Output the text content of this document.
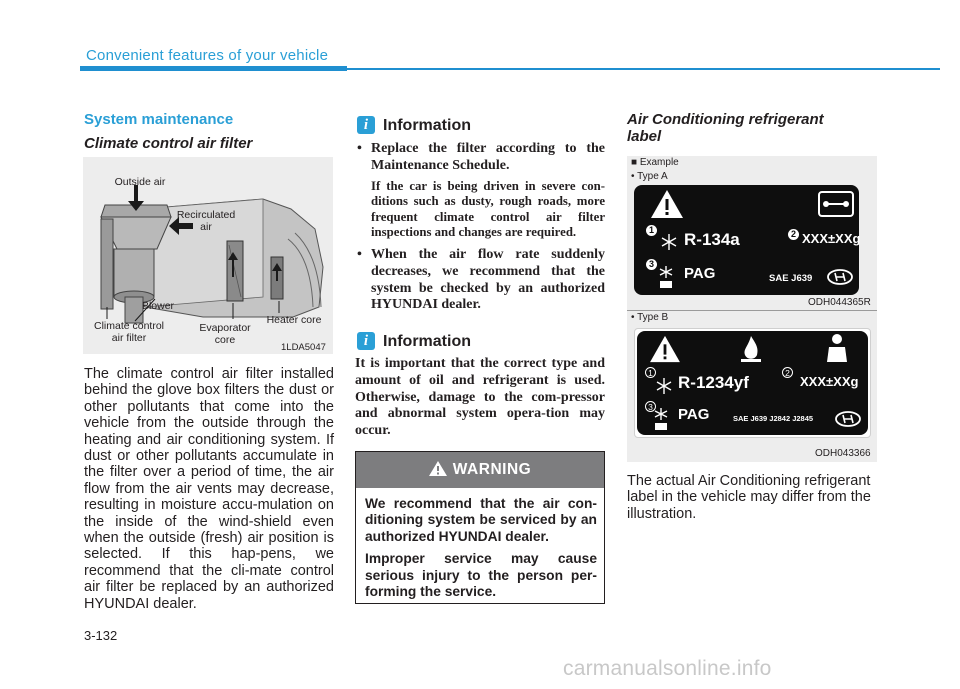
Convenient features of your vehicle
System maintenance
Climate control air filter
Outside air
Recirculated
air
Blower
Climate control
air filter
Evaporator
core
Heater core
1LDA5047
The climate control air filter installed behind the glove box filters the dust or other pollutants that come into the vehicle from the outside through the heating and air conditioning system. If dust or other pollutants accumulate in the filter over a period of time, the air flow from the air vents may decrease, resulting in moisture accu-mulation on the inside of the wind-shield even when the outside (fresh) air position is selected. If this hap-pens, we recommend that the cli-mate control air filter be replaced by an authorized HYUNDAI dealer.
i Information
• Replace the filter according to the Maintenance Schedule.
If the car is being driven in severe con-ditions such as dusty, rough roads, more frequent climate control air filter inspections and changes are required.
• When the air flow rate suddenly decreases, we recommend that the system be checked by an authorized HYUNDAI dealer.
i Information
It is important that the correct type and amount of oil and refrigerant is used. Otherwise, damage to the com-pressor and abnormal system opera-tion may occur.
WARNING

We recommend that the air con-ditioning system be serviced by an authorized HYUNDAI dealer.

Improper service may cause serious injury to the person per-forming the service.

Air Conditioning refrigerant
label
■ Example
• Type A
1 R-134a	2 XXX±XXg
3
PAG	SAE J639
ODH044365R
• Type B
1 R-1234yf	2
XXX±XXg
3 PAG	SAE J639 J2842 J2845
ODH043366
The actual Air Conditioning refrigerant label in the vehicle may differ from the illustration.
3-132
carmanualsonline.info
